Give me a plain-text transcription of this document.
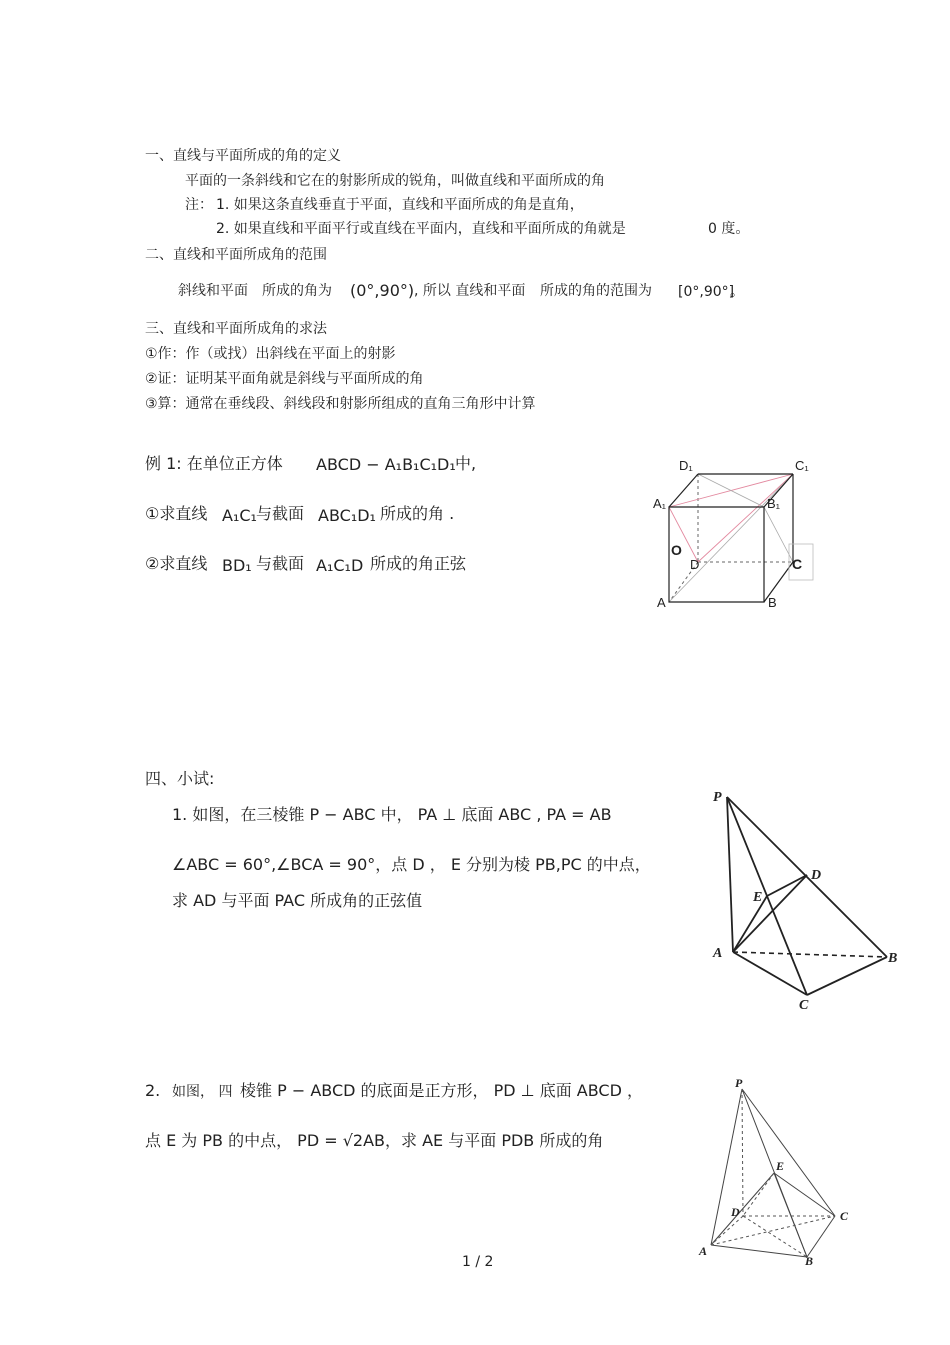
一、直线与平面所成的角的定义
平面的一条斜线和它在的射影所成的锐角，叫做直线和平面所成的角
注： 1. 如果这条直线垂直于平面，直线和平面所成的角是直角，
2. 如果直线和平面平行或直线在平面内，直线和平面所成的角就是	0 度。
二、直线和平面所成角的范围
斜线和平面 所成的角为 (0°,90°) , 所以 直线和平面 所成的角的范围为 [0°,90°]
。
三、直线和平面所成角的求法
①作：作（或找）出斜线在平面上的射影
②证：证明某平面角就是斜线与平面所成的角
③算：通常在垂线段、斜线段和射影所组成的直角三角形中计算
例 1: 在单位正方体 ABCD − A₁B₁C₁D₁ 中,
①求直线 A₁C₁ 与截面 ABC₁D₁ 所成的角 .
②求直线 BD₁ 与截面 A₁C₁D 所成的角正弦
D₁	C₁
A₁	B₁
O
D	C
A	B
四、小试:
1. 如图，在三棱锥 P − ABC 中， PA ⊥ 底面 ABC , PA = AB
∠ABC = 60°,∠BCA = 90°，点 D ， E 分别为棱 PB,PC 的中点，
求 AD 与平面 PAC 所成角的正弦值
P
D
E
A	B
C
2. 如图， 四 棱锥 P − ABCD 的底面是正方形， PD ⊥ 底面 ABCD ，
点 E 为 PB 的中点， PD = √2AB，求 AE 与平面 PDB 所成的角
P
E
D	C
A
B
1 / 2
